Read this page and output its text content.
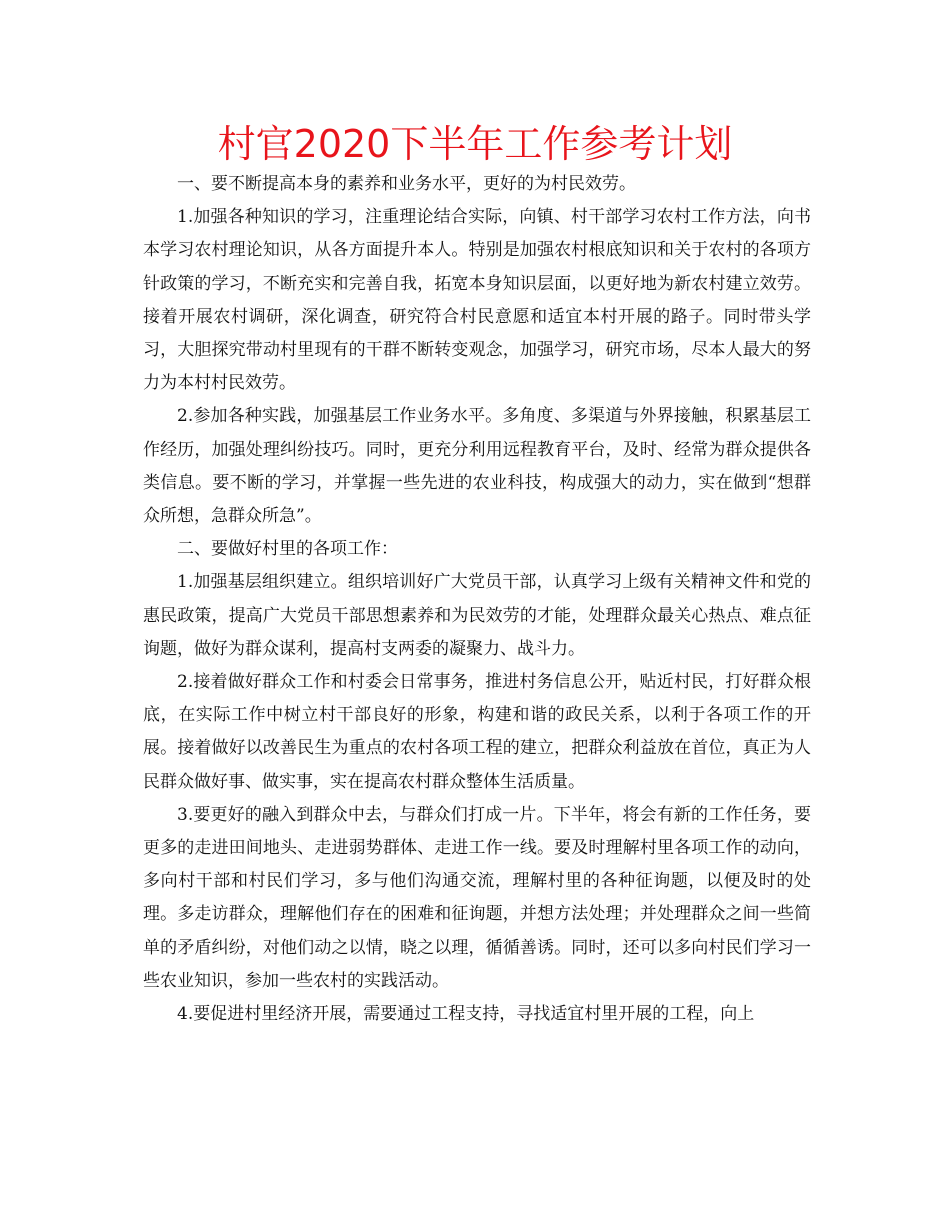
村官2020下半年工作参考计划

一、要不断提高本身的素养和业务水平，更好的为村民效劳。

1.加强各种知识的学习，注重理论结合实际，向镇、村干部学习农村工作方法，向书本学习农村理论知识，从各方面提升本人。特别是加强农村根底知识和关于农村的各项方针政策的学习，不断充实和完善自我，拓宽本身知识层面，以更好地为新农村建立效劳。接着开展农村调研，深化调查，研究符合村民意愿和适宜本村开展的路子。同时带头学习，大胆探究带动村里现有的干群不断转变观念，加强学习，研究市场，尽本人最大的努力为本村村民效劳。

2.参加各种实践，加强基层工作业务水平。多角度、多渠道与外界接触，积累基层工作经历，加强处理纠纷技巧。同时，更充分利用远程教育平台，及时、经常为群众提供各类信息。要不断的学习，并掌握一些先进的农业科技，构成强大的动力，实在做到“想群众所想，急群众所急”。

二、要做好村里的各项工作：

1.加强基层组织建立。组织培训好广大党员干部，认真学习上级有关精神文件和党的惠民政策，提高广大党员干部思想素养和为民效劳的才能，处理群众最关心热点、难点征询题，做好为群众谋利，提高村支两委的凝聚力、战斗力。

2.接着做好群众工作和村委会日常事务，推进村务信息公开，贴近村民，打好群众根底，在实际工作中树立村干部良好的形象，构建和谐的政民关系，以利于各项工作的开展。接着做好以改善民生为重点的农村各项工程的建立，把群众利益放在首位，真正为人民群众做好事、做实事，实在提高农村群众整体生活质量。

3.要更好的融入到群众中去，与群众们打成一片。下半年，将会有新的工作任务，要更多的走进田间地头、走进弱势群体、走进工作一线。要及时理解村里各项工作的动向，多向村干部和村民们学习，多与他们沟通交流，理解村里的各种征询题，以便及时的处理。多走访群众，理解他们存在的困难和征询题，并想方法处理；并处理群众之间一些简单的矛盾纠纷，对他们动之以情，晓之以理，循循善诱。同时，还可以多向村民们学习一些农业知识，参加一些农村的实践活动。

4.要促进村里经济开展，需要通过工程支持，寻找适宜村里开展的工程，向上
